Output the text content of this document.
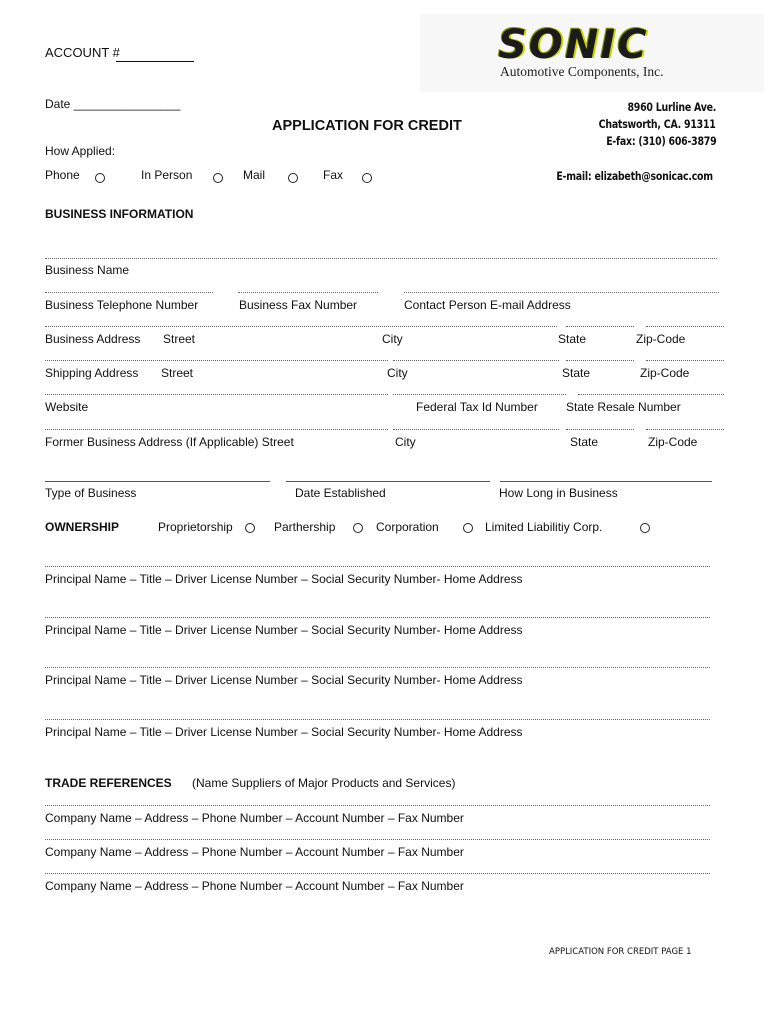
ACCOUNT #
Date ________________
SONIC
Automotive Components, Inc.
APPLICATION FOR CREDIT
8960 Lurline Ave.
Chatsworth, CA. 91311
E-fax: (310) 606-3879
E-mail: elizabeth@sonicac.com
How Applied:
Phone	In Person	Mail	Fax
BUSINESS INFORMATION
Business Name
Business Telephone Number	Business Fax Number	Contact Person E-mail Address
Business Address Street	City	State	Zip-Code
Shipping Address Street	City	State	Zip-Code
Website	Federal Tax Id Number State Resale Number
Former Business Address (If Applicable) Street	City	State	Zip-Code
Type of Business	Date Established	How Long in Business
OWNERSHIP	Proprietorship	Parthership	Corporation	Limited Liabilitiy Corp.
Principal Name – Title – Driver License Number – Social Security Number- Home Address
Principal Name – Title – Driver License Number – Social Security Number- Home Address
Principal Name – Title – Driver License Number – Social Security Number- Home Address
Principal Name – Title – Driver License Number – Social Security Number- Home Address
TRADE REFERENCES (Name Suppliers of Major Products and Services)
Company Name – Address – Phone Number – Account Number – Fax Number
Company Name – Address – Phone Number – Account Number – Fax Number
Company Name – Address – Phone Number – Account Number – Fax Number
APPLICATION FOR CREDIT PAGE 1
